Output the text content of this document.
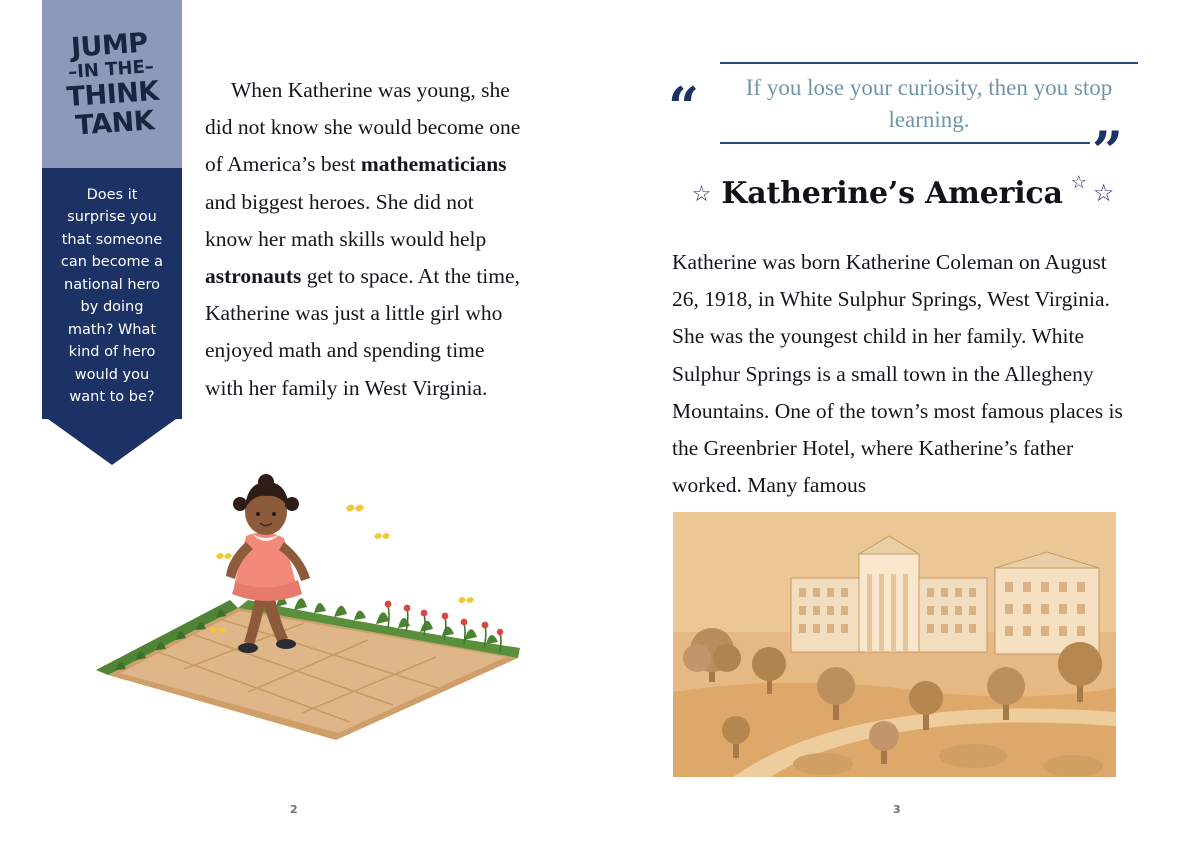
JUMP
–IN THE–
THINK
TANK
Does it surprise you that someone can become a national hero by doing math? What kind of hero would you want to be?

When Katherine was young, she did not know she would become one of America’s best mathematicians and biggest heroes. She did not know her math skills would help astronauts get to space. At the time, Katherine was just a little girl who enjoyed math and spending time with her family in West Virginia.

2
“	If you lose your curiosity, then you stop learning.	”
☆ Katherine’s America ☆ ☆

Katherine was born Katherine Coleman on August 26, 1918, in White Sulphur Springs, West Virginia. She was the youngest child in her family. White Sulphur Springs is a small town in the Allegheny Mountains. One of the town’s most famous places is the Greenbrier Hotel, where Katherine’s father worked. Many famous

3
